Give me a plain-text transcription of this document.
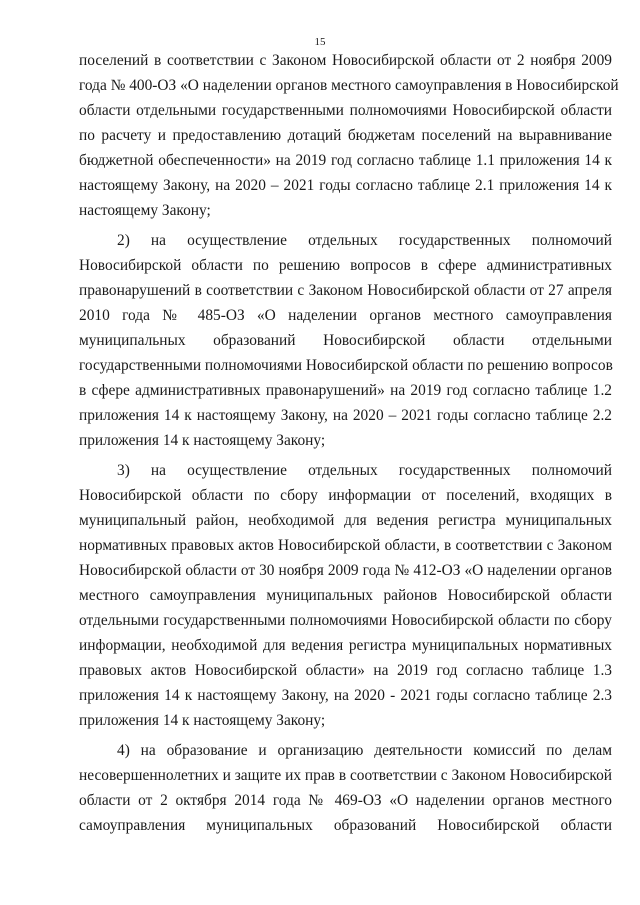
15
поселений в соответствии с Законом Новосибирской области от 2 ноября 2009
года № 400-ОЗ «О наделении органов местного самоуправления в Новосибирской
области отдельными государственными полномочиями Новосибирской области
по расчету и предоставлению дотаций бюджетам поселений на выравнивание
бюджетной обеспеченности» на 2019 год согласно таблице 1.1 приложения 14 к
настоящему Закону, на 2020 – 2021 годы согласно таблице 2.1 приложения 14 к
настоящему Закону;
2) на осуществление отдельных государственных полномочий
Новосибирской области по решению вопросов в сфере административных
правонарушений в соответствии с Законом Новосибирской области от 27 апреля
2010 года № 485-ОЗ «О наделении органов местного самоуправления
муниципальных образований Новосибирской области отдельными
государственными полномочиями Новосибирской области по решению вопросов
в сфере административных правонарушений» на 2019 год согласно таблице 1.2
приложения 14 к настоящему Закону, на 2020 – 2021 годы согласно таблице 2.2
приложения 14 к настоящему Закону;
3) на осуществление отдельных государственных полномочий
Новосибирской области по сбору информации от поселений, входящих в
муниципальный район, необходимой для ведения регистра муниципальных
нормативных правовых актов Новосибирской области, в соответствии с Законом
Новосибирской области от 30 ноября 2009 года № 412-ОЗ «О наделении органов
местного самоуправления муниципальных районов Новосибирской области
отдельными государственными полномочиями Новосибирской области по сбору
информации, необходимой для ведения регистра муниципальных нормативных
правовых актов Новосибирской области» на 2019 год согласно таблице 1.3
приложения 14 к настоящему Закону, на 2020 - 2021 годы согласно таблице 2.3
приложения 14 к настоящему Закону;
4) на образование и организацию деятельности комиссий по делам
несовершеннолетних и защите их прав в соответствии с Законом Новосибирской
области от 2 октября 2014 года № 469-ОЗ «О наделении органов местного
самоуправления муниципальных образований Новосибирской области
